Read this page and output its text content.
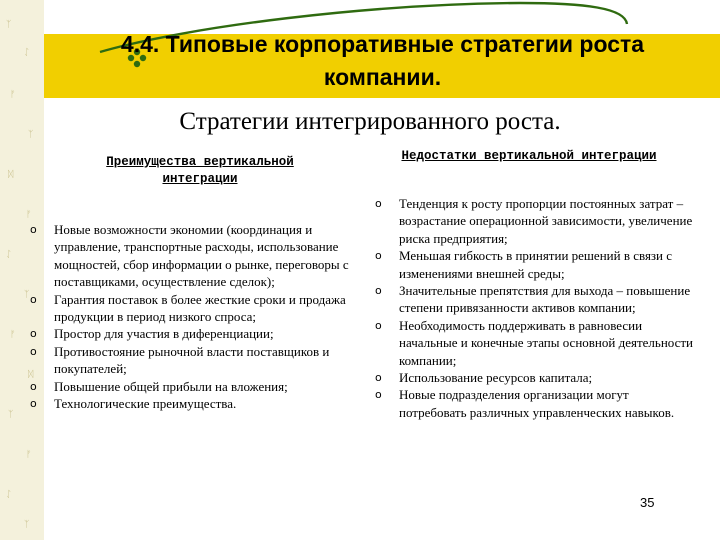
ᛉ
ᛇ
ᚠ
ᛉ
ᛞ
ᚠ
ᛇ
ᛉ
ᚠ
ᛞ
ᛉ
ᚠ
ᛇ
ᛉ
4.4. Типовые корпоративные стратегии роста
компании.
Стратегии интегрированного роста.
Преимущества вертикальной
интеграции
Недостатки вертикальной интеграции
o Новые возможности экономии (координация и управление, транспортные расходы, использование мощностей, сбор информации о рынке, переговоры с поставщиками, осуществление сделок);
o Гарантия поставок в более жесткие сроки и продажа продукции в период низкого спроса;
o Простор для участия в диференциации;
o Противостояние рыночной власти поставщиков и покупателей;
o Повышение общей прибыли на вложения;
o Технологические преимущества.
o Тенденция к росту пропорции постоянных затрат – возрастание операционной зависимости, увеличение риска предприятия;
o Меньшая гибкость в принятии решений в связи с изменениями внешней среды;
o Значительные препятствия для выхода – повышение степени привязанности активов компании;
o Необходимость поддерживать в равновесии начальные и конечные этапы основной деятельности компании;
o Использование ресурсов капитала;
o Новые подразделения организации могут потребовать различных управленческих навыков.
35
